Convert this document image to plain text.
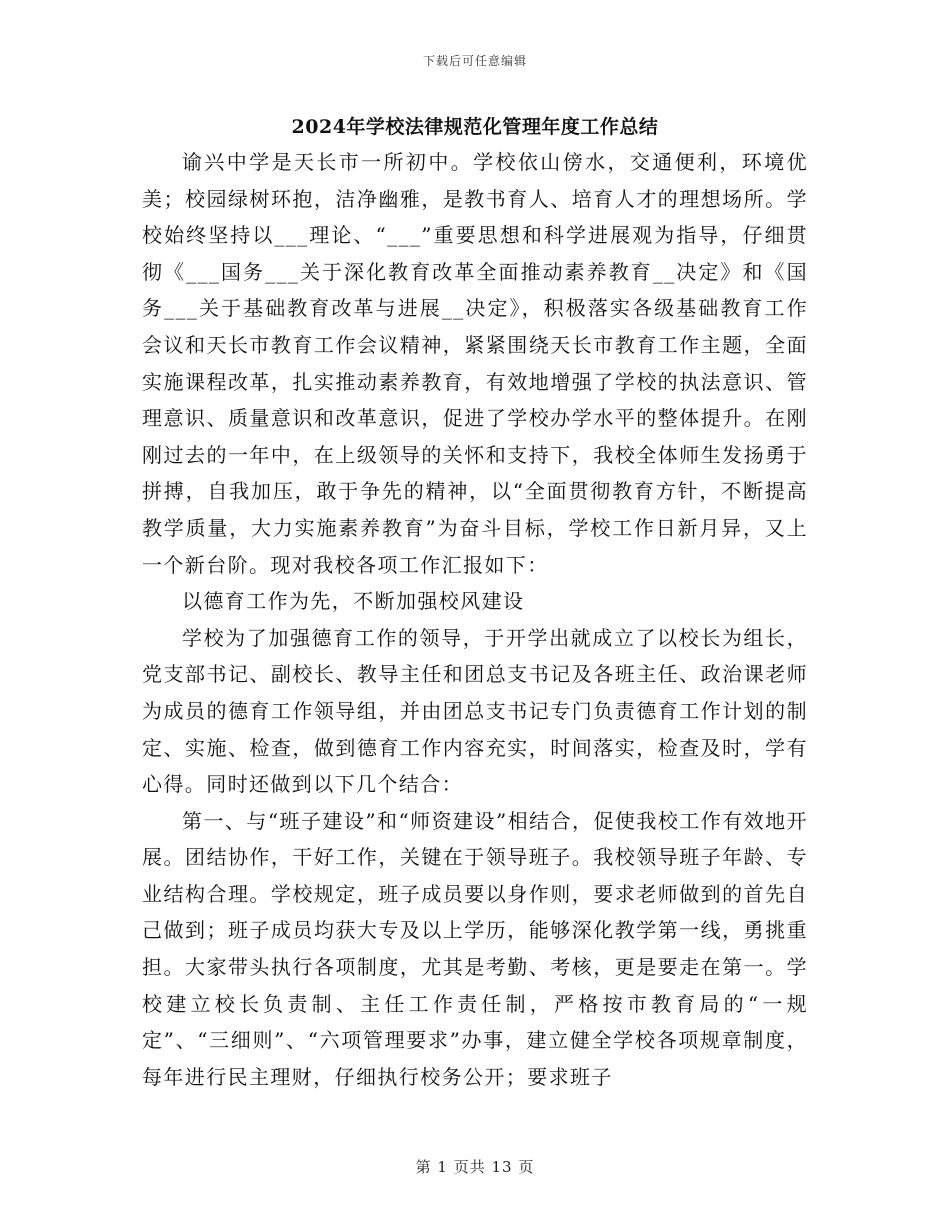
下载后可任意编辑
2024年学校法律规范化管理年度工作总结

谕兴中学是天长市一所初中。学校依山傍水，交通便利，环境优美；校园绿树环抱，洁净幽雅，是教书育人、培育人才的理想场所。学校始终坚持以___理论、“___”重要思想和科学进展观为指导，仔细贯彻《___国务___关于深化教育改革全面推动素养教育__决定》和《国务___关于基础教育改革与进展__决定》，积极落实各级基础教育工作会议和天长市教育工作会议精神，紧紧围绕天长市教育工作主题，全面实施课程改革，扎实推动素养教育，有效地增强了学校的执法意识、管理意识、质量意识和改革意识，促进了学校办学水平的整体提升。在刚刚过去的一年中，在上级领导的关怀和支持下，我校全体师生发扬勇于拼搏，自我加压，敢于争先的精神，以“全面贯彻教育方针，不断提高教学质量，大力实施素养教育”为奋斗目标，学校工作日新月异，又上一个新台阶。现对我校各项工作汇报如下：

以德育工作为先，不断加强校风建设

学校为了加强德育工作的领导，于开学出就成立了以校长为组长，党支部书记、副校长、教导主任和团总支书记及各班主任、政治课老师为成员的德育工作领导组，并由团总支书记专门负责德育工作计划的制定、实施、检查，做到德育工作内容充实，时间落实，检查及时，学有心得。同时还做到以下几个结合：

第一、与“班子建设”和“师资建设”相结合，促使我校工作有效地开展。团结协作，干好工作，关键在于领导班子。我校领导班子年龄、专业结构合理。学校规定，班子成员要以身作则，要求老师做到的首先自己做到；班子成员均获大专及以上学历，能够深化教学第一线，勇挑重担。大家带头执行各项制度，尤其是考勤、考核，更是要走在第一。学校建立校长负责制、主任工作责任制，严格按市教育局的“一规定”、“三细则”、“六项管理要求”办事，建立健全学校各项规章制度，每年进行民主理财，仔细执行校务公开；要求班子

第 1 页共 13 页
